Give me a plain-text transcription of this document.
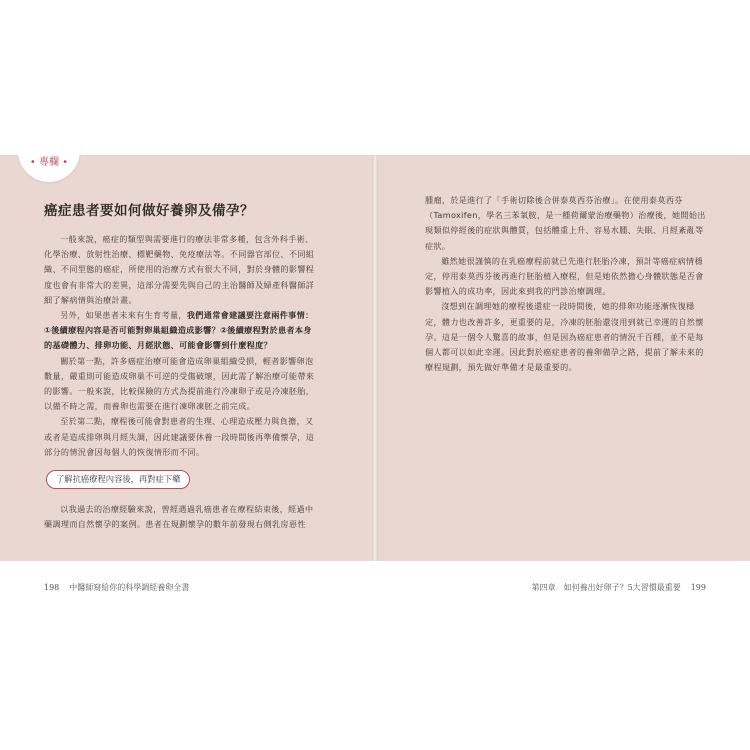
• 專欄 •
癌症患者要如何做好養卵及備孕？

一般來說，癌症的類型與需要進行的療法非常多種，包含外科手術、化學治療、放射性治療、標靶藥物、免疫療法等。不同器官部位、不同組織、不同型態的癌症，所使用的治療方式有很大不同，對於身體的影響程度也會有非常大的差異，這部分需要先與自己的主治醫師及婦產科醫師詳細了解病情與治療計畫。

另外，如果患者未來有生育考量，我們通常會建議要注意兩件事情：①後續療程內容是否可能對卵巢組織造成影響？②後續療程對於患者本身的基礎體力、排卵功能、月經狀態、可能會影響到什麼程度？

關於第一點，許多癌症治療可能會造成卵巢組織受損，輕者影響卵泡數量，嚴重則可能造成卵巢不可逆的受傷破壞，因此需了解治療可能帶來的影響。一般來說，比較保險的方式為提前進行冷凍卵子或是冷凍胚胎，以備不時之需，而養卵也需要在進行凍卵凍胚之前完成。

至於第二點，療程後可能會對患者的生理、心理造成壓力與負擔，又或者是造成排卵與月經失調，因此建議要休養一段時間後再準備懷孕，這部分的情況會因每個人的恢復情形而不同。

了解抗癌療程內容後，再對症下藥

以我過去的治療經驗來說，曾經遇過乳癌患者在療程結束後，經過中藥調理而自然懷孕的案例。患者在規劃懷孕的數年前發現右側乳房惡性

腫瘤，於是進行了「手術切除後合併泰莫西芬治療」。在使用泰莫西芬（Tamoxifen，學名三苯氧胺，是一種荷爾蒙治療藥物）治療後，她開始出現類似停經後的症狀與體質，包括體重上升、容易水腫、失眠、月經紊亂等症狀。

雖然她很謹慎的在乳癌療程前就已先進行胚胎冷凍，預計等癌症病情穩定，停用泰莫西芬後再進行胚胎植入療程，但是她依然擔心身體狀態是否會影響植入的成功率，因此來到我的門診治療調理。

沒想到在調理她的療程後還症一段時間後，她的排卵功能逐漸恢復穩定，體力也改善許多，更重要的是，冷凍的胚胎還沒用到就已幸運的自然懷孕。這是一個令人驚喜的故事，但是因為癌症患者的情況千百種，並不是每個人都可以如此幸運。因此對於癌症患者的養卵備孕之路，提前了解未來的療程規劃，預先做好準備才是最重要的。

198 中醫師寫給你的科學調經養卵全書	第四章　如何養出好卵子？5大習慣最重要 199
